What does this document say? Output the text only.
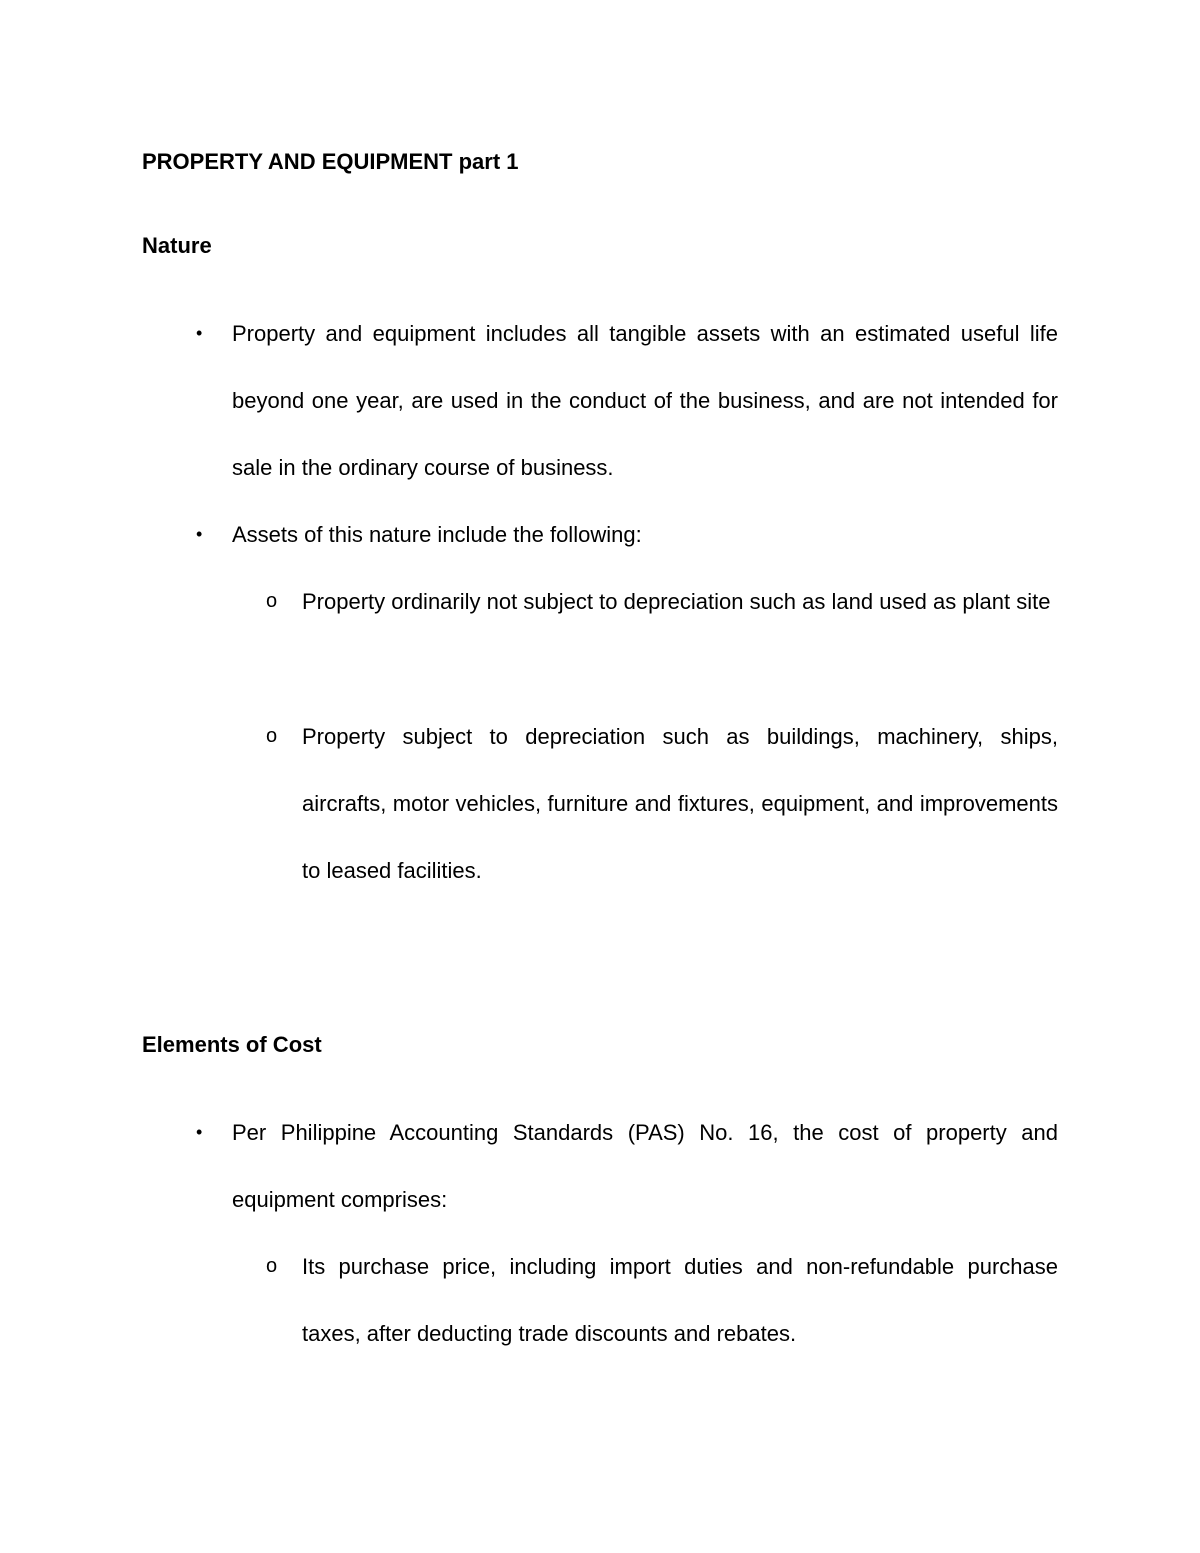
PROPERTY AND EQUIPMENT part 1
Nature
• Property and equipment includes all tangible assets with an estimated useful life beyond one year, are used in the conduct of the business, and are not intended for sale in the ordinary course of business.
• Assets of this nature include the following:
o Property ordinarily not subject to depreciation such as land used as plant site
o Property subject to depreciation such as buildings, machinery, ships, aircrafts, motor vehicles, furniture and fixtures, equipment, and improvements to leased facilities.
Elements of Cost
• Per Philippine Accounting Standards (PAS) No. 16, the cost of property and equipment comprises:
o Its purchase price, including import duties and non-refundable purchase taxes, after deducting trade discounts and rebates.
